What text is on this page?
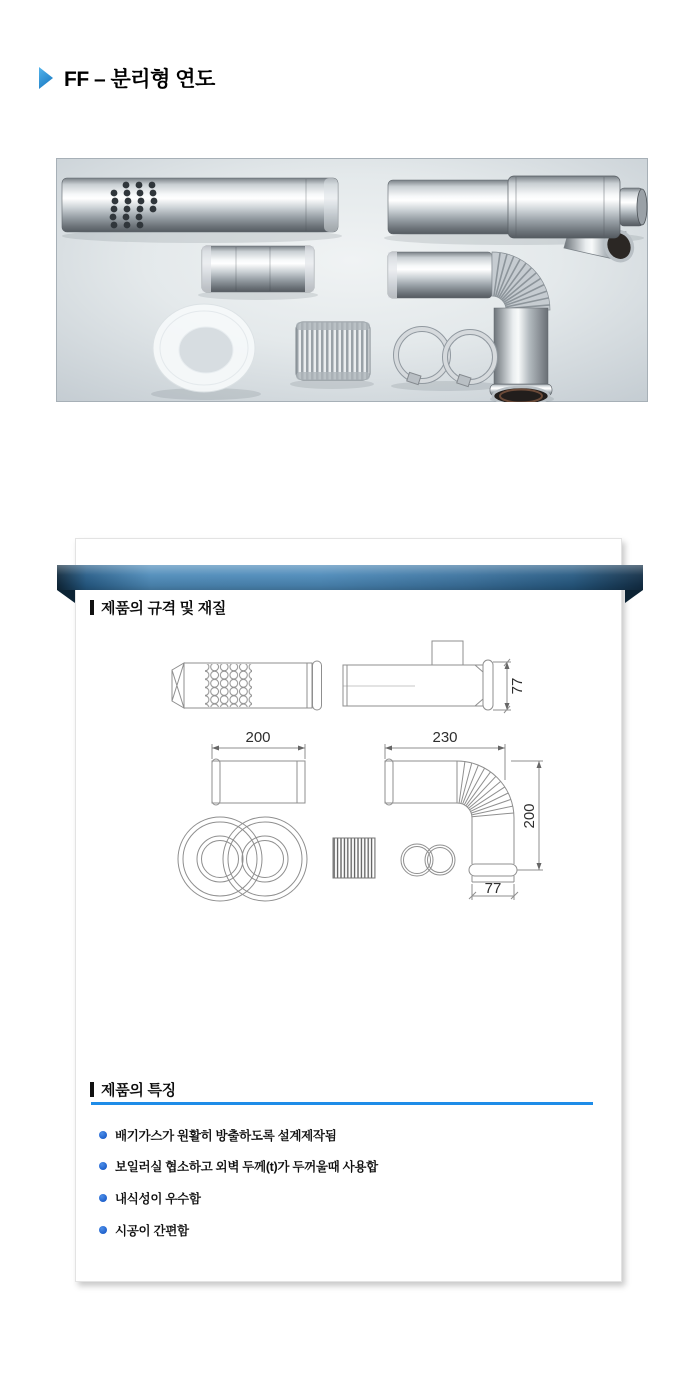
FF – 분리형 연도
제품의 규격 및 재질
77
200	230
200
77
제품의 특징
배기가스가 원활히 방출하도록 설계제작됨
보일러실 협소하고 외벽 두께(t)가 두꺼울때 사용합
내식성이 우수함
시공이 간편함
